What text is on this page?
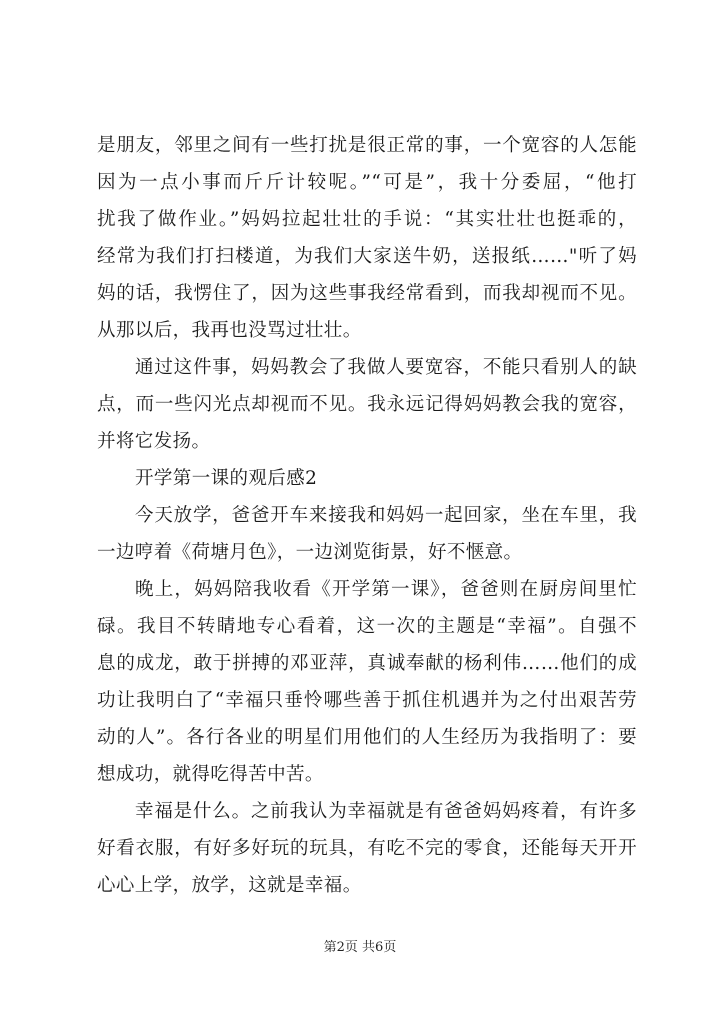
是朋友，邻里之间有一些打扰是很正常的事，一个宽容的人怎能
因为一点小事而斤斤计较呢。”“可是”，我十分委屈，“他打
扰我了做作业。”妈妈拉起壮壮的手说：“其实壮壮也挺乖的，
经常为我们打扫楼道，为我们大家送牛奶，送报纸……"听了妈
妈的话，我愣住了，因为这些事我经常看到，而我却视而不见。
从那以后，我再也没骂过壮壮。
通过这件事，妈妈教会了我做人要宽容，不能只看别人的缺
点，而一些闪光点却视而不见。我永远记得妈妈教会我的宽容，
并将它发扬。
开学第一课的观后感2
今天放学，爸爸开车来接我和妈妈一起回家，坐在车里，我
一边哼着《荷塘月色》，一边浏览街景，好不惬意。
晚上，妈妈陪我收看《开学第一课》，爸爸则在厨房间里忙
碌。我目不转睛地专心看着，这一次的主题是“幸福”。自强不
息的成龙，敢于拼搏的邓亚萍，真诚奉献的杨利伟……他们的成
功让我明白了“幸福只垂怜哪些善于抓住机遇并为之付出艰苦劳
动的人”。各行各业的明星们用他们的人生经历为我指明了：要
想成功，就得吃得苦中苦。
幸福是什么。之前我认为幸福就是有爸爸妈妈疼着，有许多
好看衣服，有好多好玩的玩具，有吃不完的零食，还能每天开开
心心上学，放学，这就是幸福。
第2页 共6页
